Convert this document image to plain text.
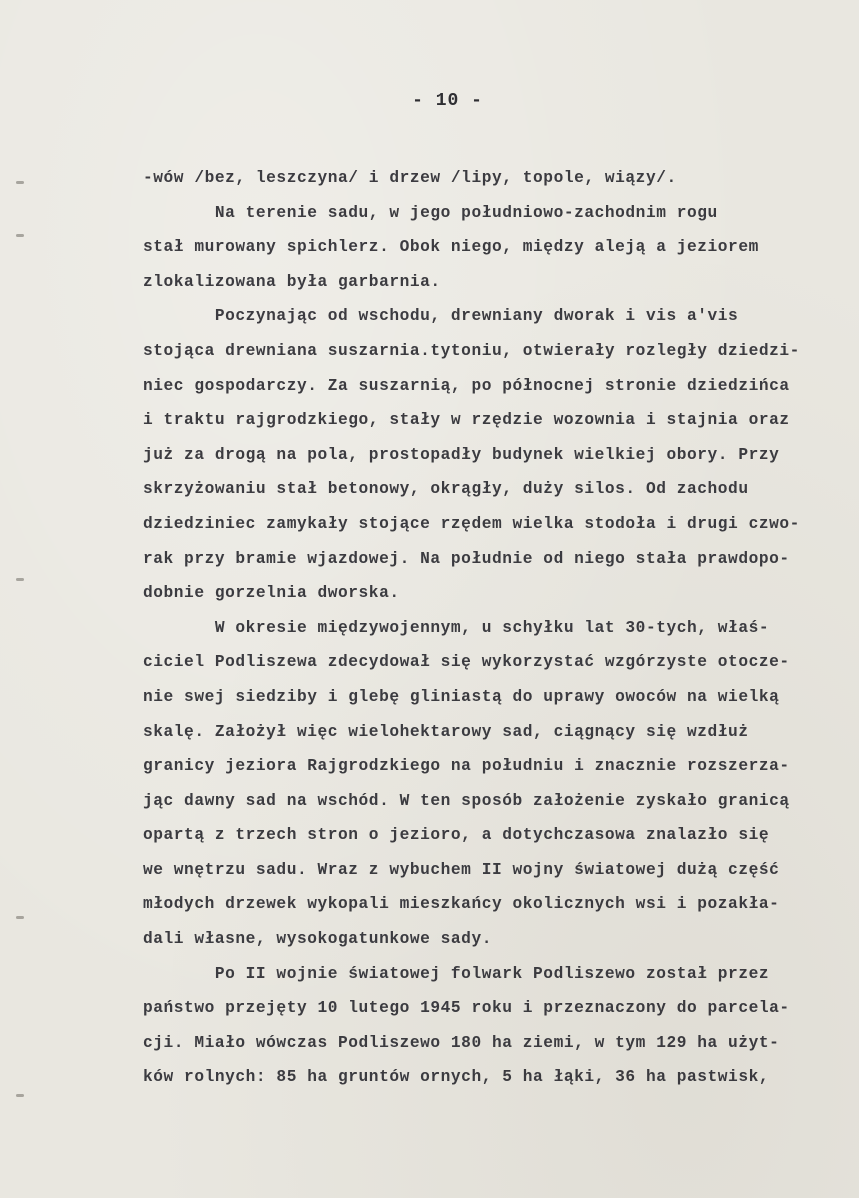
- 10 -
-wów /bez, leszczyna/ i drzew /lipy, topole, wiązy/.
Na terenie sadu, w jego południowo-zachodnim rogu
stał murowany spichlerz. Obok niego, między aleją a jeziorem
zlokalizowana była garbarnia.
Poczynając od wschodu, drewniany dworak i vis a'vis
stojąca drewniana suszarnia.tytoniu, otwierały rozległy dziedzi-
niec gospodarczy. Za suszarnią, po północnej stronie dziedzińca
i traktu rajgrodzkiego, stały w rzędzie wozownia i stajnia oraz
już za drogą na pola, prostopadły budynek wielkiej obory. Przy
skrzyżowaniu stał betonowy, okrągły, duży silos. Od zachodu
dziedziniec zamykały stojące rzędem wielka stodoła i drugi czwo-
rak przy bramie wjazdowej. Na południe od niego stała prawdopo-
dobnie gorzelnia dworska.
W okresie międzywojennym, u schyłku lat 30-tych, właś-
ciciel Podliszewa zdecydował się wykorzystać wzgórzyste otocze-
nie swej siedziby i glebę gliniastą do uprawy owoców na wielką
skalę. Założył więc wielohektarowy sad, ciągnący się wzdłuż
granicy jeziora Rajgrodzkiego na południu i znacznie rozszerza-
jąc dawny sad na wschód. W ten sposób założenie zyskało granicą
opartą z trzech stron o jezioro, a dotychczasowa znalazło się
we wnętrzu sadu. Wraz z wybuchem II wojny światowej dużą część
młodych drzewek wykopali mieszkańcy okolicznych wsi i pozakła-
dali własne, wysokogatunkowe sady.
Po II wojnie światowej folwark Podliszewo został przez
państwo przejęty 10 lutego 1945 roku i przeznaczony do parcela-
cji. Miało wówczas Podliszewo 180 ha ziemi, w tym 129 ha użyt-
ków rolnych: 85 ha gruntów ornych, 5 ha łąki, 36 ha pastwisk,
